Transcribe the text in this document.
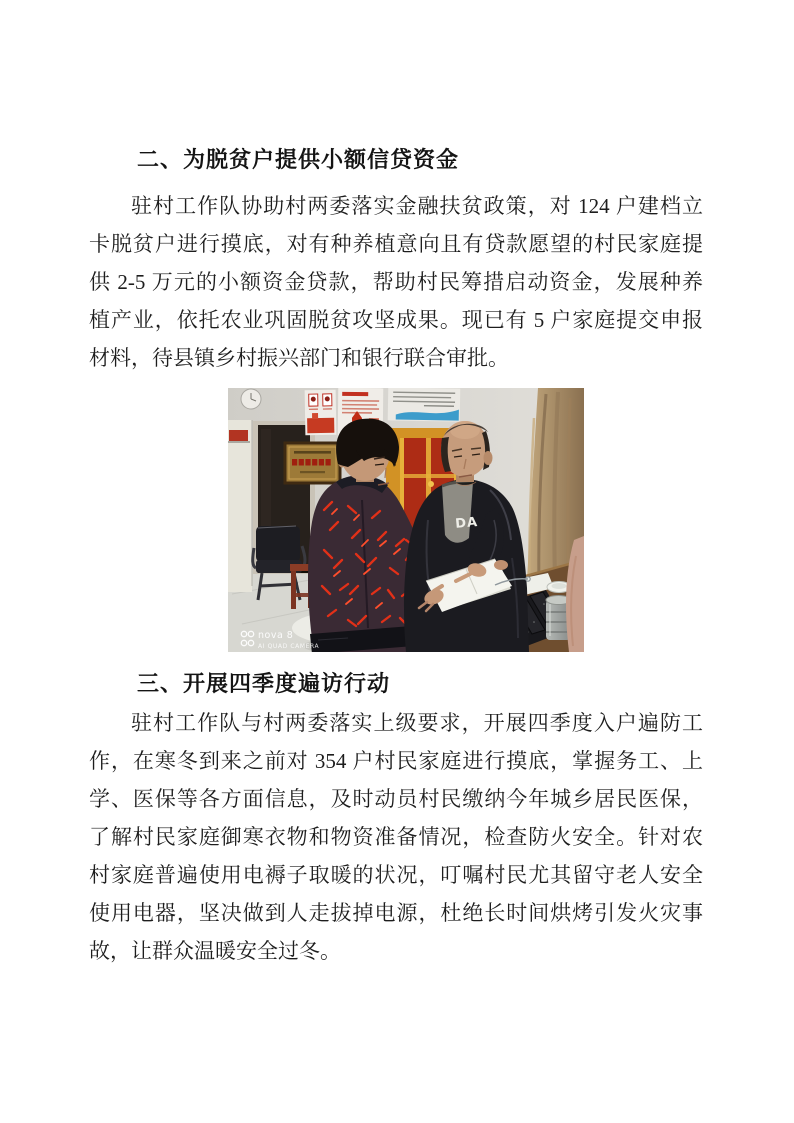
二、为脱贫户提供小额信贷资金
驻村工作队协助村两委落实金融扶贫政策，对 124 户建档立
卡脱贫户进行摸底，对有种养植意向且有贷款愿望的村民家庭提
供 2-5 万元的小额资金贷款，帮助村民筹措启动资金，发展种养
植产业，依托农业巩固脱贫攻坚成果。现已有 5 户家庭提交申报
材料，待县镇乡村振兴部门和银行联合审批。
DA
nova 8
AI QUAD CAMERA
三、开展四季度遍访行动
驻村工作队与村两委落实上级要求，开展四季度入户遍防工
作，在寒冬到来之前对 354 户村民家庭进行摸底，掌握务工、上
学、医保等各方面信息，及时动员村民缴纳今年城乡居民医保，
了解村民家庭御寒衣物和物资准备情况，检查防火安全。针对农
村家庭普遍使用电褥子取暖的状况，叮嘱村民尤其留守老人安全
使用电器，坚决做到人走拔掉电源，杜绝长时间烘烤引发火灾事
故，让群众温暖安全过冬。
